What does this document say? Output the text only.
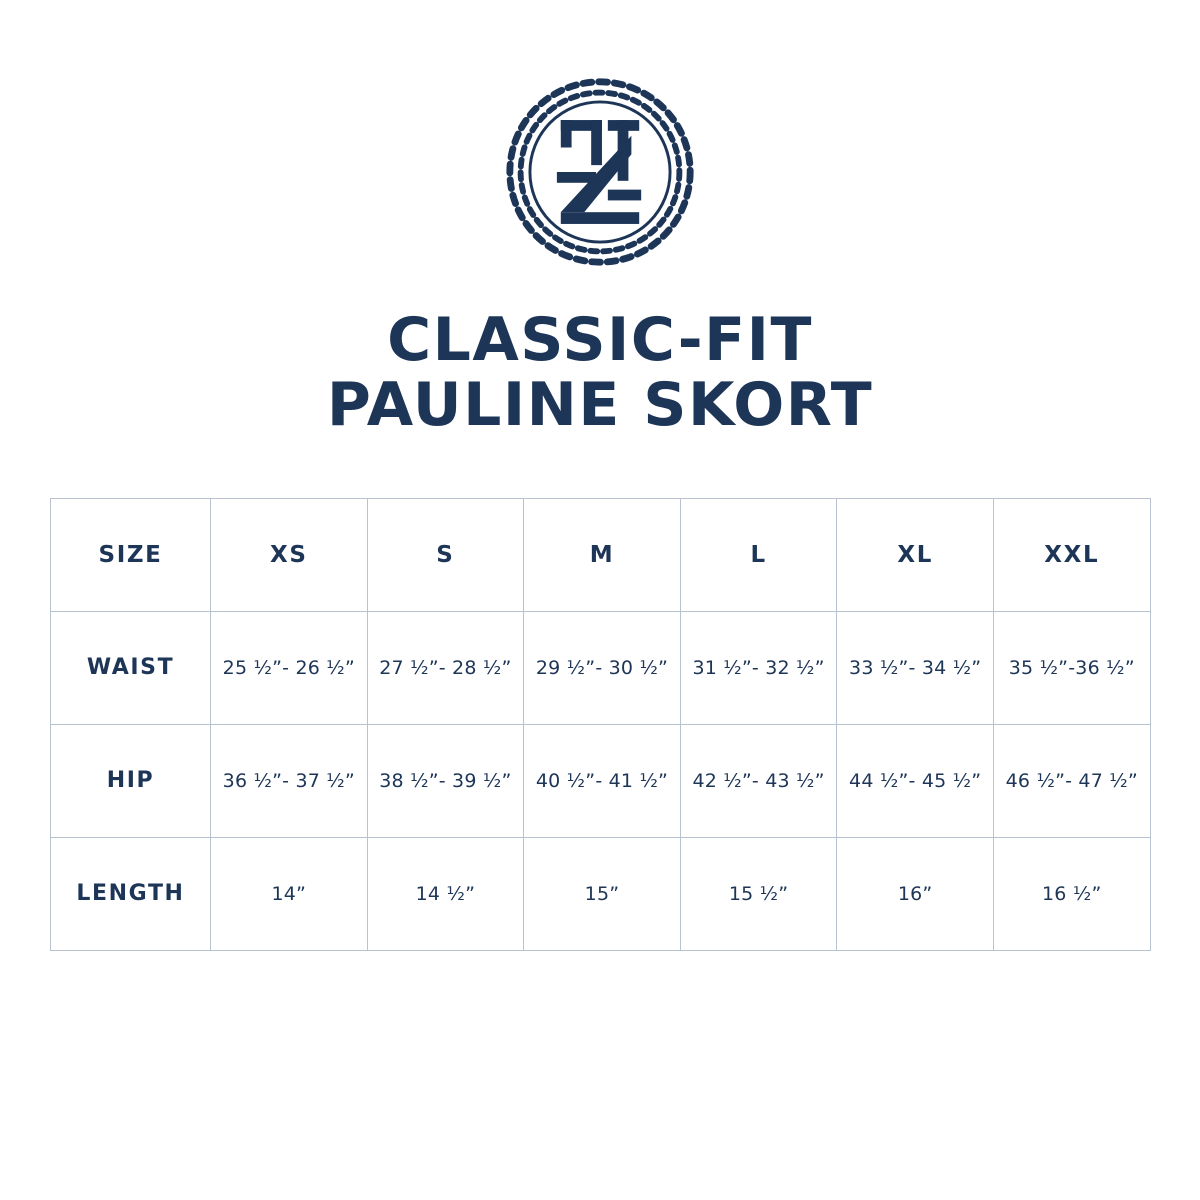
CLASSIC-FIT
PAULINE SKORT
SIZE	XS	S	M	L	XL	XXL
WAIST	25 ½”- 26 ½”	27 ½”- 28 ½”	29 ½”- 30 ½”	31 ½”- 32 ½”	33 ½”- 34 ½”	35 ½”-36 ½”
HIP	36 ½”- 37 ½”	38 ½”- 39 ½”	40 ½”- 41 ½”	42 ½”- 43 ½”	44 ½”- 45 ½”	46 ½”- 47 ½”
LENGTH	14”	14 ½”	15”	15 ½”	16”	16 ½”
